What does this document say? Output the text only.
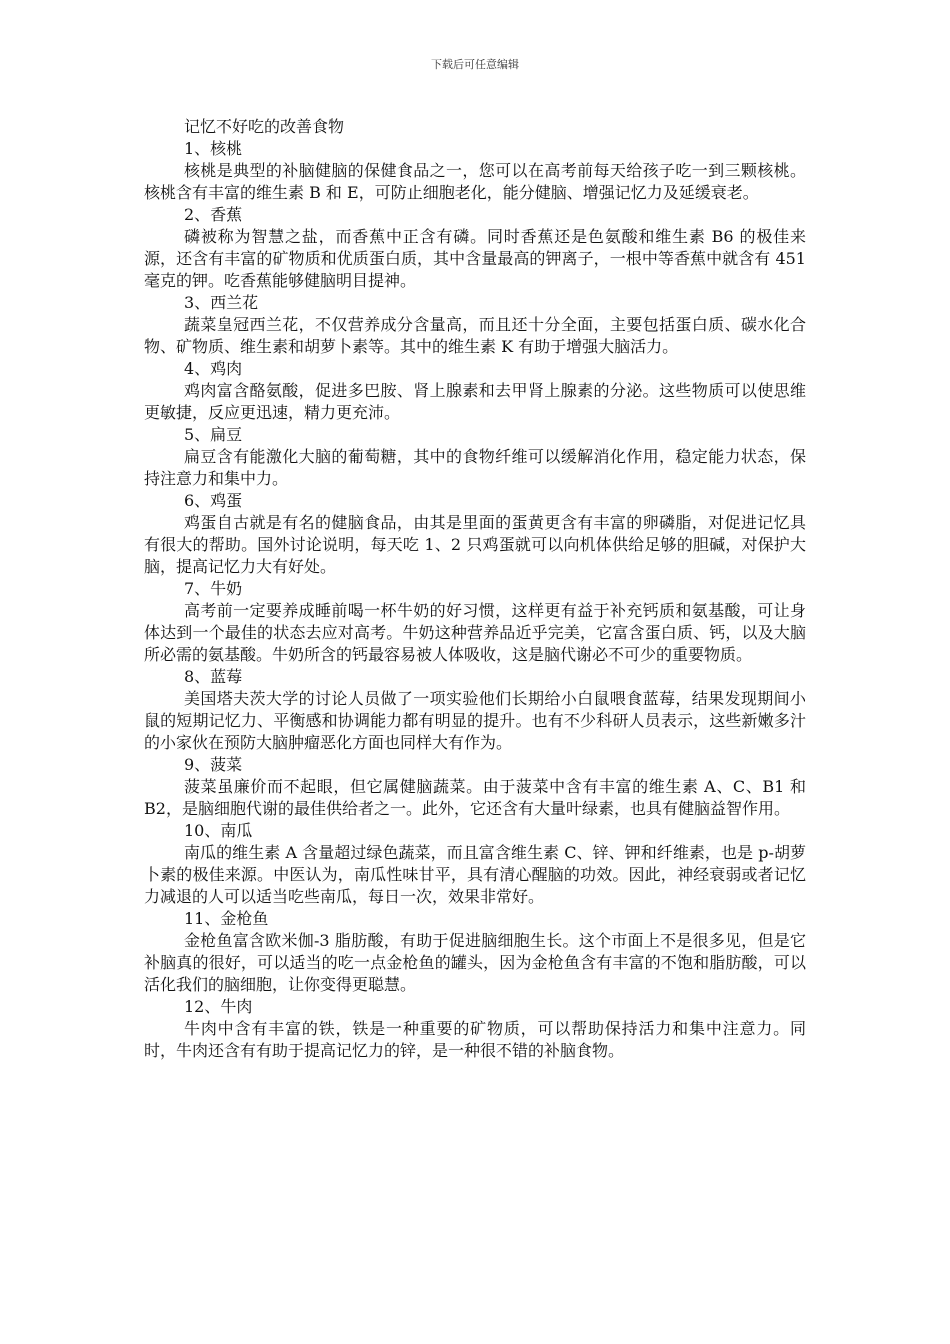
下载后可任意编辑

记忆不好吃的改善食物

1、核桃

核桃是典型的补脑健脑的保健食品之一，您可以在高考前每天给孩子吃一到三颗核桃。核桃含有丰富的维生素 B 和 E，可防止细胞老化，能分健脑、增强记忆力及延缓衰老。

2、香蕉

磷被称为智慧之盐，而香蕉中正含有磷。同时香蕉还是色氨酸和维生素 B6 的极佳来源，还含有丰富的矿物质和优质蛋白质，其中含量最高的钾离子，一根中等香蕉中就含有 451 毫克的钾。吃香蕉能够健脑明目提神。

3、西兰花

蔬菜皇冠西兰花，不仅营养成分含量高，而且还十分全面，主要包括蛋白质、碳水化合物、矿物质、维生素和胡萝卜素等。其中的维生素 K 有助于增强大脑活力。

4、鸡肉

鸡肉富含酪氨酸，促进多巴胺、肾上腺素和去甲肾上腺素的分泌。这些物质可以使思维更敏捷，反应更迅速，精力更充沛。

5、扁豆

扁豆含有能激化大脑的葡萄糖，其中的食物纤维可以缓解消化作用，稳定能力状态，保持注意力和集中力。

6、鸡蛋

鸡蛋自古就是有名的健脑食品，由其是里面的蛋黄更含有丰富的卵磷脂，对促进记忆具有很大的帮助。国外讨论说明，每天吃 1、2 只鸡蛋就可以向机体供给足够的胆碱，对保护大脑，提高记忆力大有好处。

7、牛奶

高考前一定要养成睡前喝一杯牛奶的好习惯，这样更有益于补充钙质和氨基酸，可让身体达到一个最佳的状态去应对高考。牛奶这种营养品近乎完美，它富含蛋白质、钙，以及大脑所必需的氨基酸。牛奶所含的钙最容易被人体吸收，这是脑代谢必不可少的重要物质。

8、蓝莓

美国塔夫茨大学的讨论人员做了一项实验他们长期给小白鼠喂食蓝莓，结果发现期间小鼠的短期记忆力、平衡感和协调能力都有明显的提升。也有不少科研人员表示，这些新嫩多汁的小家伙在预防大脑肿瘤恶化方面也同样大有作为。

9、菠菜

菠菜虽廉价而不起眼，但它属健脑蔬菜。由于菠菜中含有丰富的维生素 A、C、B1 和 B2，是脑细胞代谢的最佳供给者之一。此外，它还含有大量叶绿素，也具有健脑益智作用。

10、南瓜

南瓜的维生素 A 含量超过绿色蔬菜，而且富含维生素 C、锌、钾和纤维素，也是 p-胡萝卜素的极佳来源。中医认为，南瓜性味甘平，具有清心醒脑的功效。因此，神经衰弱或者记忆力减退的人可以适当吃些南瓜，每日一次，效果非常好。

11、金枪鱼

金枪鱼富含欧米伽-3 脂肪酸，有助于促进脑细胞生长。这个市面上不是很多见，但是它补脑真的很好，可以适当的吃一点金枪鱼的罐头，因为金枪鱼含有丰富的不饱和脂肪酸，可以活化我们的脑细胞，让你变得更聪慧。

12、牛肉

牛肉中含有丰富的铁，铁是一种重要的矿物质，可以帮助保持活力和集中注意力。同时，牛肉还含有有助于提高记忆力的锌，是一种很不错的补脑食物。
